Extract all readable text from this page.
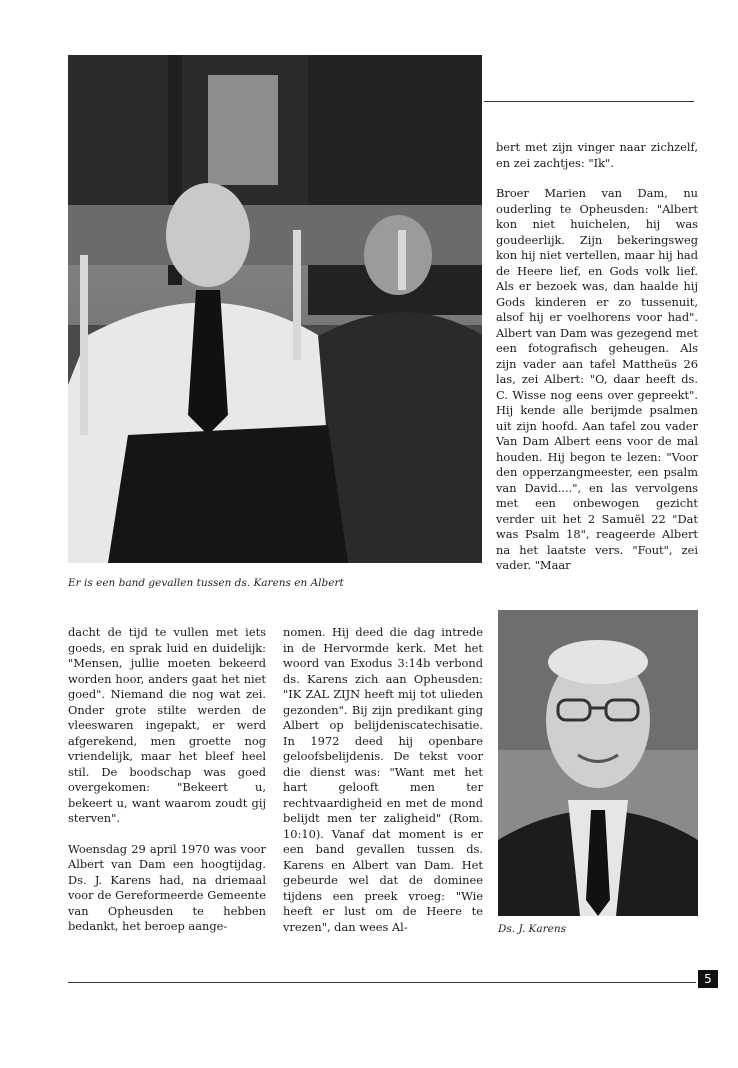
Er is een band gevallen tussen ds. Karens en Albert

bert met zijn vinger naar zichzelf, en zei zachtjes: "Ik".

Broer Marien van Dam, nu ouderling te Opheusden: "Albert kon niet huichelen, hij was goudeerlijk. Zijn bekeringsweg kon hij niet vertellen, maar hij had de Heere lief, en Gods volk lief. Als er bezoek was, dan haalde hij Gods kinderen er zo tussenuit, alsof hij er voelhorens voor had". Albert van Dam was gezegend met een fotografisch geheugen. Als zijn vader aan tafel Mattheüs 26 las, zei Albert: "O, daar heeft ds. C. Wisse nog eens over gepreekt". Hij kende alle berijmde psalmen uit zijn hoofd. Aan tafel zou vader Van Dam Albert eens voor de mal houden. Hij begon te lezen: "Voor den opperzangmeester, een psalm van David....", en las vervolgens met een onbewogen gezicht verder uit het 2 Samuël 22 "Dat was Psalm 18", reageerde Albert na het laatste vers. "Fout", zei vader. "Maar

dacht de tijd te vullen met iets goeds, en sprak luid en duidelijk: "Mensen, jullie moeten bekeerd worden hoor, anders gaat het niet goed". Niemand die nog wat zei. Onder grote stilte werden de vleeswaren ingepakt, er werd afgerekend, men groette nog vriendelijk, maar het bleef heel stil. De boodschap was goed overgekomen: "Bekeert u, bekeert u, want waarom zoudt gij sterven".

Woensdag 29 april 1970 was voor Albert van Dam een hoogtijdag. Ds. J. Karens had, na driemaal voor de Gereformeerde Gemeente van Opheusden te hebben bedankt, het beroep aange-

nomen. Hij deed die dag intrede in de Hervormde kerk. Met het woord van Exodus 3:14b verbond ds. Karens zich aan Opheusden: "IK ZAL ZIJN heeft mij tot ulieden gezonden". Bij zijn predikant ging Albert op belijdeniscatechisatie. In 1972 deed hij openbare geloofsbelijdenis. De tekst voor die dienst was: "Want met het hart gelooft men ter rechtvaardigheid en met de mond belijdt men ter zaligheid" (Rom. 10:10). Vanaf dat moment is er een band gevallen tussen ds. Karens en Albert van Dam. Het gebeurde wel dat de dominee tijdens een preek vroeg: "Wie heeft er lust om de Heere te vrezen", dan wees Al-	Ds. J. Karens
5
